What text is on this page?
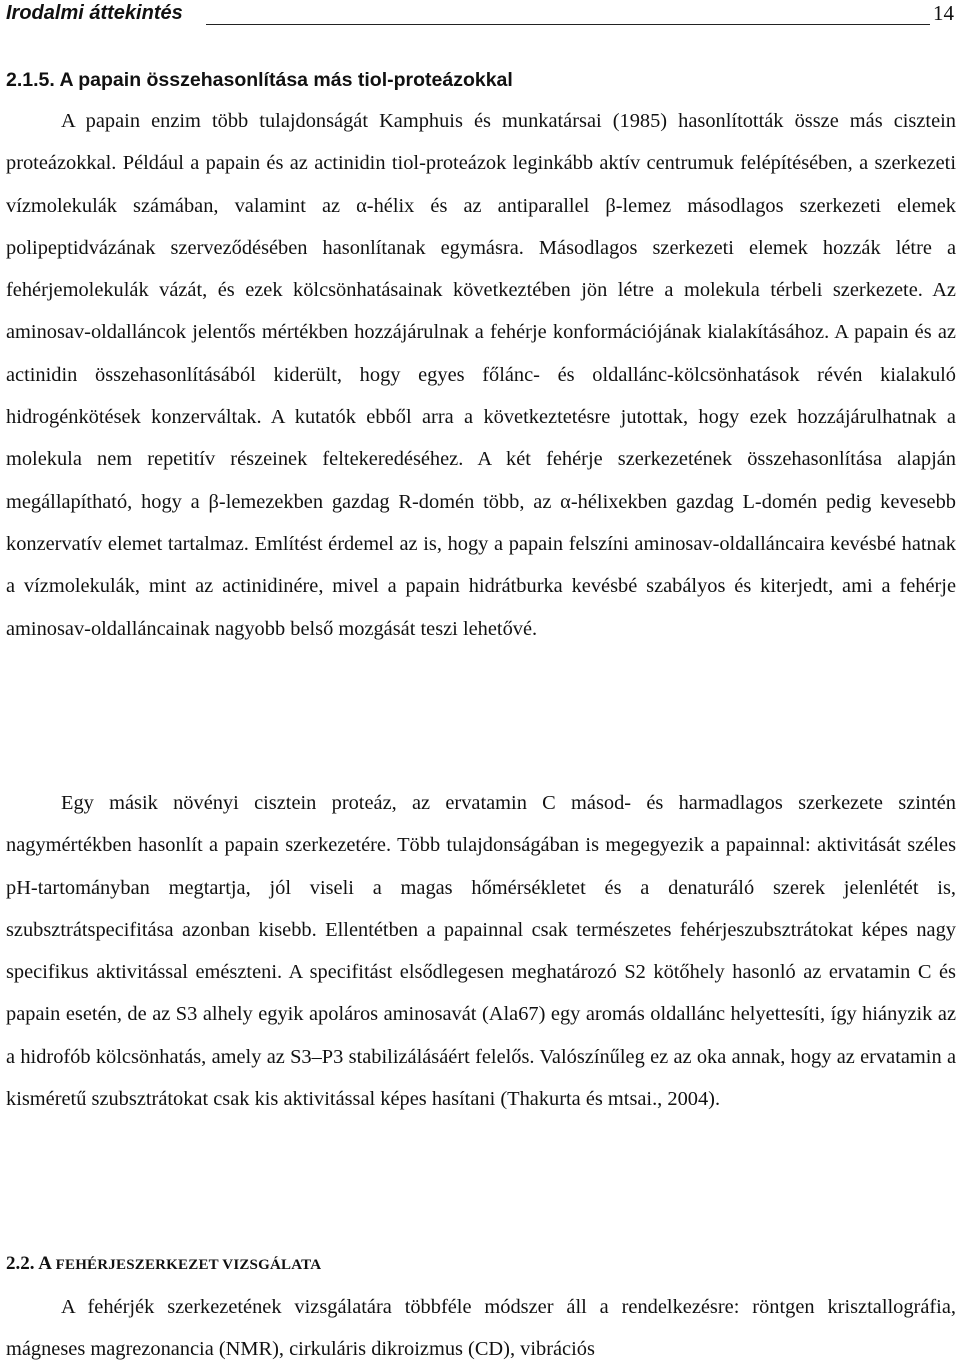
Irodalmi áttekintés	14
2.1.5. A papain összehasonlítása más tiol-proteázokkal

A papain enzim több tulajdonságát Kamphuis és munkatársai (1985) hasonlították össze más cisztein proteázokkal. Például a papain és az actinidin tiol-proteázok leginkább aktív centrumuk felépítésében, a szerkezeti vízmolekulák számában, valamint az α-hélix és az antiparallel β-lemez másodlagos szerkezeti elemek polipeptidvázának szerveződésében hasonlítanak egymásra. Másodlagos szerkezeti elemek hozzák létre a fehérjemolekulák vázát, és ezek kölcsönhatásainak következtében jön létre a molekula térbeli szerkezete. Az aminosav-oldalláncok jelentős mértékben hozzájárulnak a fehérje konformációjának kialakításához. A papain és az actinidin összehasonlításából kiderült, hogy egyes főlánc- és oldallánc-kölcsönhatások révén kialakuló hidrogénkötések konzerváltak. A kutatók ebből arra a következtetésre jutottak, hogy ezek hozzájárulhatnak a molekula nem repetitív részeinek feltekeredéséhez. A két fehérje szerkezetének összehasonlítása alapján megállapítható, hogy a β-lemezekben gazdag R-domén több, az α-hélixekben gazdag L-domén pedig kevesebb konzervatív elemet tartalmaz. Említést érdemel az is, hogy a papain felszíni aminosav-oldalláncaira kevésbé hatnak a vízmolekulák, mint az actinidinére, mivel a papain hidrátburka kevésbé szabályos és kiterjedt, ami a fehérje aminosav-oldalláncainak nagyobb belső mozgását teszi lehetővé.

Egy másik növényi cisztein proteáz, az ervatamin C másod- és harmadlagos szerkezete szintén nagymértékben hasonlít a papain szerkezetére. Több tulajdonságában is megegyezik a papainnal: aktivitását széles pH-tartományban megtartja, jól viseli a magas hőmérsékletet és a denaturáló szerek jelenlétét is, szubsztrátspecifitása azonban kisebb. Ellentétben a papainnal csak természetes fehérjeszubsztrátokat képes nagy specifikus aktivitással emészteni. A specifitást elsődlegesen meghatározó S2 kötőhely hasonló az ervatamin C és papain esetén, de az S3 alhely egyik apoláros aminosavát (Ala67) egy aromás oldallánc helyettesíti, így hiányzik az a hidrofób kölcsönhatás, amely az S3–P3 stabilizálásáért felelős. Valószínűleg ez az oka annak, hogy az ervatamin a kisméretű szubsztrátokat csak kis aktivitással képes hasítani (Thakurta és mtsai., 2004).

2.2. A FEHÉRJESZERKEZET VIZSGÁLATA

A fehérjék szerkezetének vizsgálatára többféle módszer áll a rendelkezésre: röntgen krisztallográfia, mágneses magrezonancia (NMR), cirkuláris dikroizmus (CD), vibrációs
